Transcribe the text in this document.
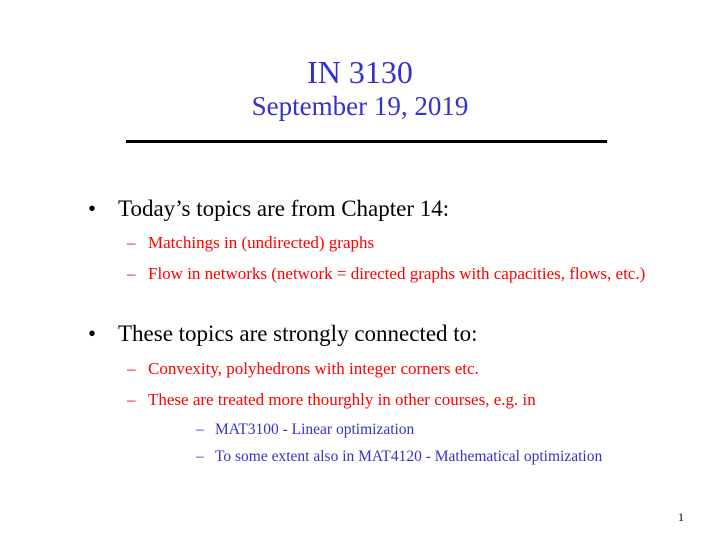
IN 3130
September 19, 2019
• Today’s topics are from Chapter 14:
– Matchings in (undirected) graphs
– Flow in networks (network = directed graphs with capacities, flows, etc.)
• These topics are strongly connected to:
– Convexity, polyhedrons with integer corners etc.
– These are treated more thourghly in other courses, e.g. in
– MAT3100 - Linear optimization
– To some extent also in MAT4120 - Mathematical optimization
1
